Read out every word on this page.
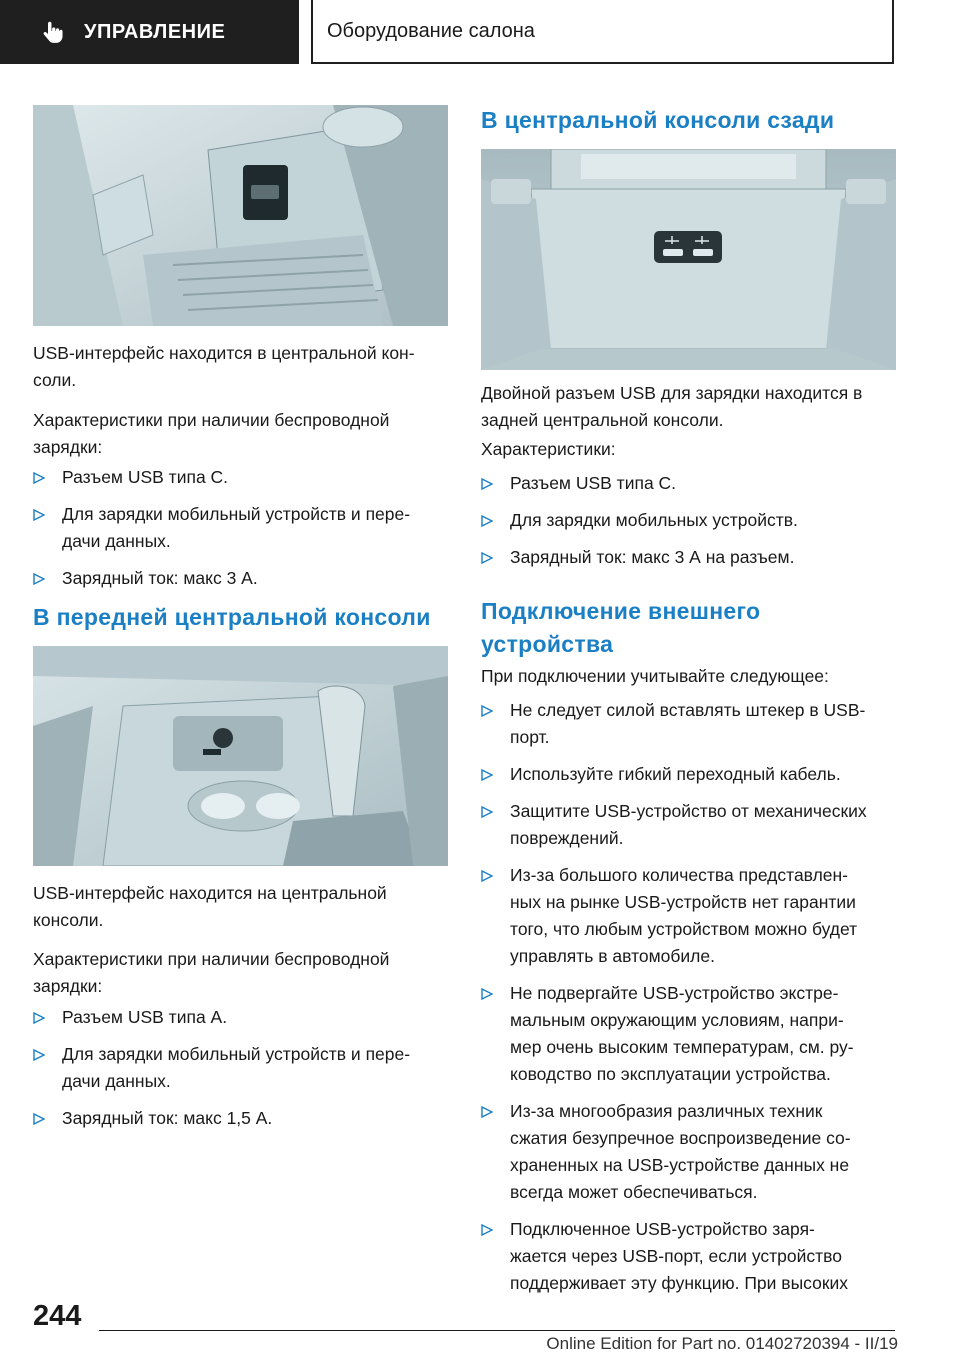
УПРАВЛЕНИЕ	Оборудование салона

USB-интерфейс находится в центральной кон-

соли.

Характеристики при наличии беспроводной

зарядки:

Разъем USB типа C.

Для зарядки мобильный устройств и пере-

дачи данных.

Зарядный ток: макс 3 А.

В передней центральной консоли

USB-интерфейс находится на центральной

консоли.

Характеристики при наличии беспроводной

зарядки:

Разъем USB типа A.

Для зарядки мобильный устройств и пере-

дачи данных.

Зарядный ток: макс 1,5 А.

В центральной консоли сзади

Двойной разъем USB для зарядки находится в

задней центральной консоли.

Характеристики:

Разъем USB типа C.

Для зарядки мобильных устройств.

Зарядный ток: макс 3 А на разъем.

Подключение внешнего

устройства

При подключении учитывайте следующее:

Не следует силой вставлять штекер в USB-

порт.

Используйте гибкий переходный кабель.

Защитите USB-устройство от механических

повреждений.

Из-за большого количества представлен-

ных на рынке USB-устройств нет гарантии

того, что любым устройством можно будет

управлять в автомобиле.

Не подвергайте USB-устройство экстре-

мальным окружающим условиям, напри-

мер очень высоким температурам, см. ру-

ководство по эксплуатации устройства.

Из-за многообразия различных техник

сжатия безупречное воспроизведение со-

храненных на USB-устройстве данных не

всегда может обеспечиваться.

Подключенное USB-устройство заря-

жается через USB-порт, если устройство

поддерживает эту функцию. При высоких

244
Online Edition for Part no. 01402720394 - II/19
